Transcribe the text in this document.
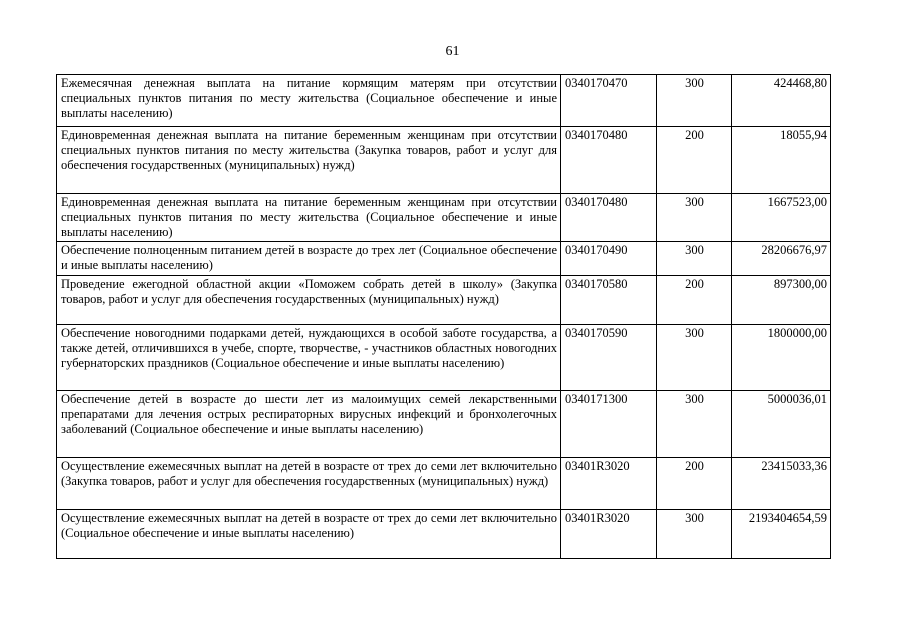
61
Ежемесячная денежная выплата на питание кормящим матерям при отсутствии специальных пунктов питания по месту жительства (Социальное обеспечение и иные выплаты населению)	0340170470	300	424468,80
Единовременная денежная выплата на питание беременным женщинам при отсутствии специальных пунктов питания по месту жительства (Закупка товаров, работ и услуг для обеспечения государственных (муниципальных) нужд)	0340170480	200	18055,94
Единовременная денежная выплата на питание беременным женщинам при отсутствии специальных пунктов питания по месту жительства (Социальное обеспечение и иные выплаты населению)	0340170480	300	1667523,00
Обеспечение полноценным питанием детей в возрасте до трех лет (Социальное обеспечение и иные выплаты населению)	0340170490	300	28206676,97
Проведение ежегодной областной акции «Поможем собрать детей в школу» (Закупка товаров, работ и услуг для обеспечения государственных (муниципальных) нужд)	0340170580	200	897300,00
Обеспечение новогодними подарками детей, нуждающихся в особой заботе государства, а также детей, отличившихся в учебе, спорте, творчестве, - участников областных новогодних губернаторских праздников (Социальное обеспечение и иные выплаты населению)	0340170590	300	1800000,00
Обеспечение детей в возрасте до шести лет из малоимущих семей лекарственными препаратами для лечения острых респираторных вирусных инфекций и бронхолегочных заболеваний (Социальное обеспечение и иные выплаты населению)	0340171300	300	5000036,01
Осуществление ежемесячных выплат на детей в возрасте от трех до семи лет включительно (Закупка товаров, работ и услуг для обеспечения государственных (муниципальных) нужд)	03401R3020	200	23415033,36
Осуществление ежемесячных выплат на детей в возрасте от трех до семи лет включительно (Социальное обеспечение и иные выплаты населению)	03401R3020	300	2193404654,59
